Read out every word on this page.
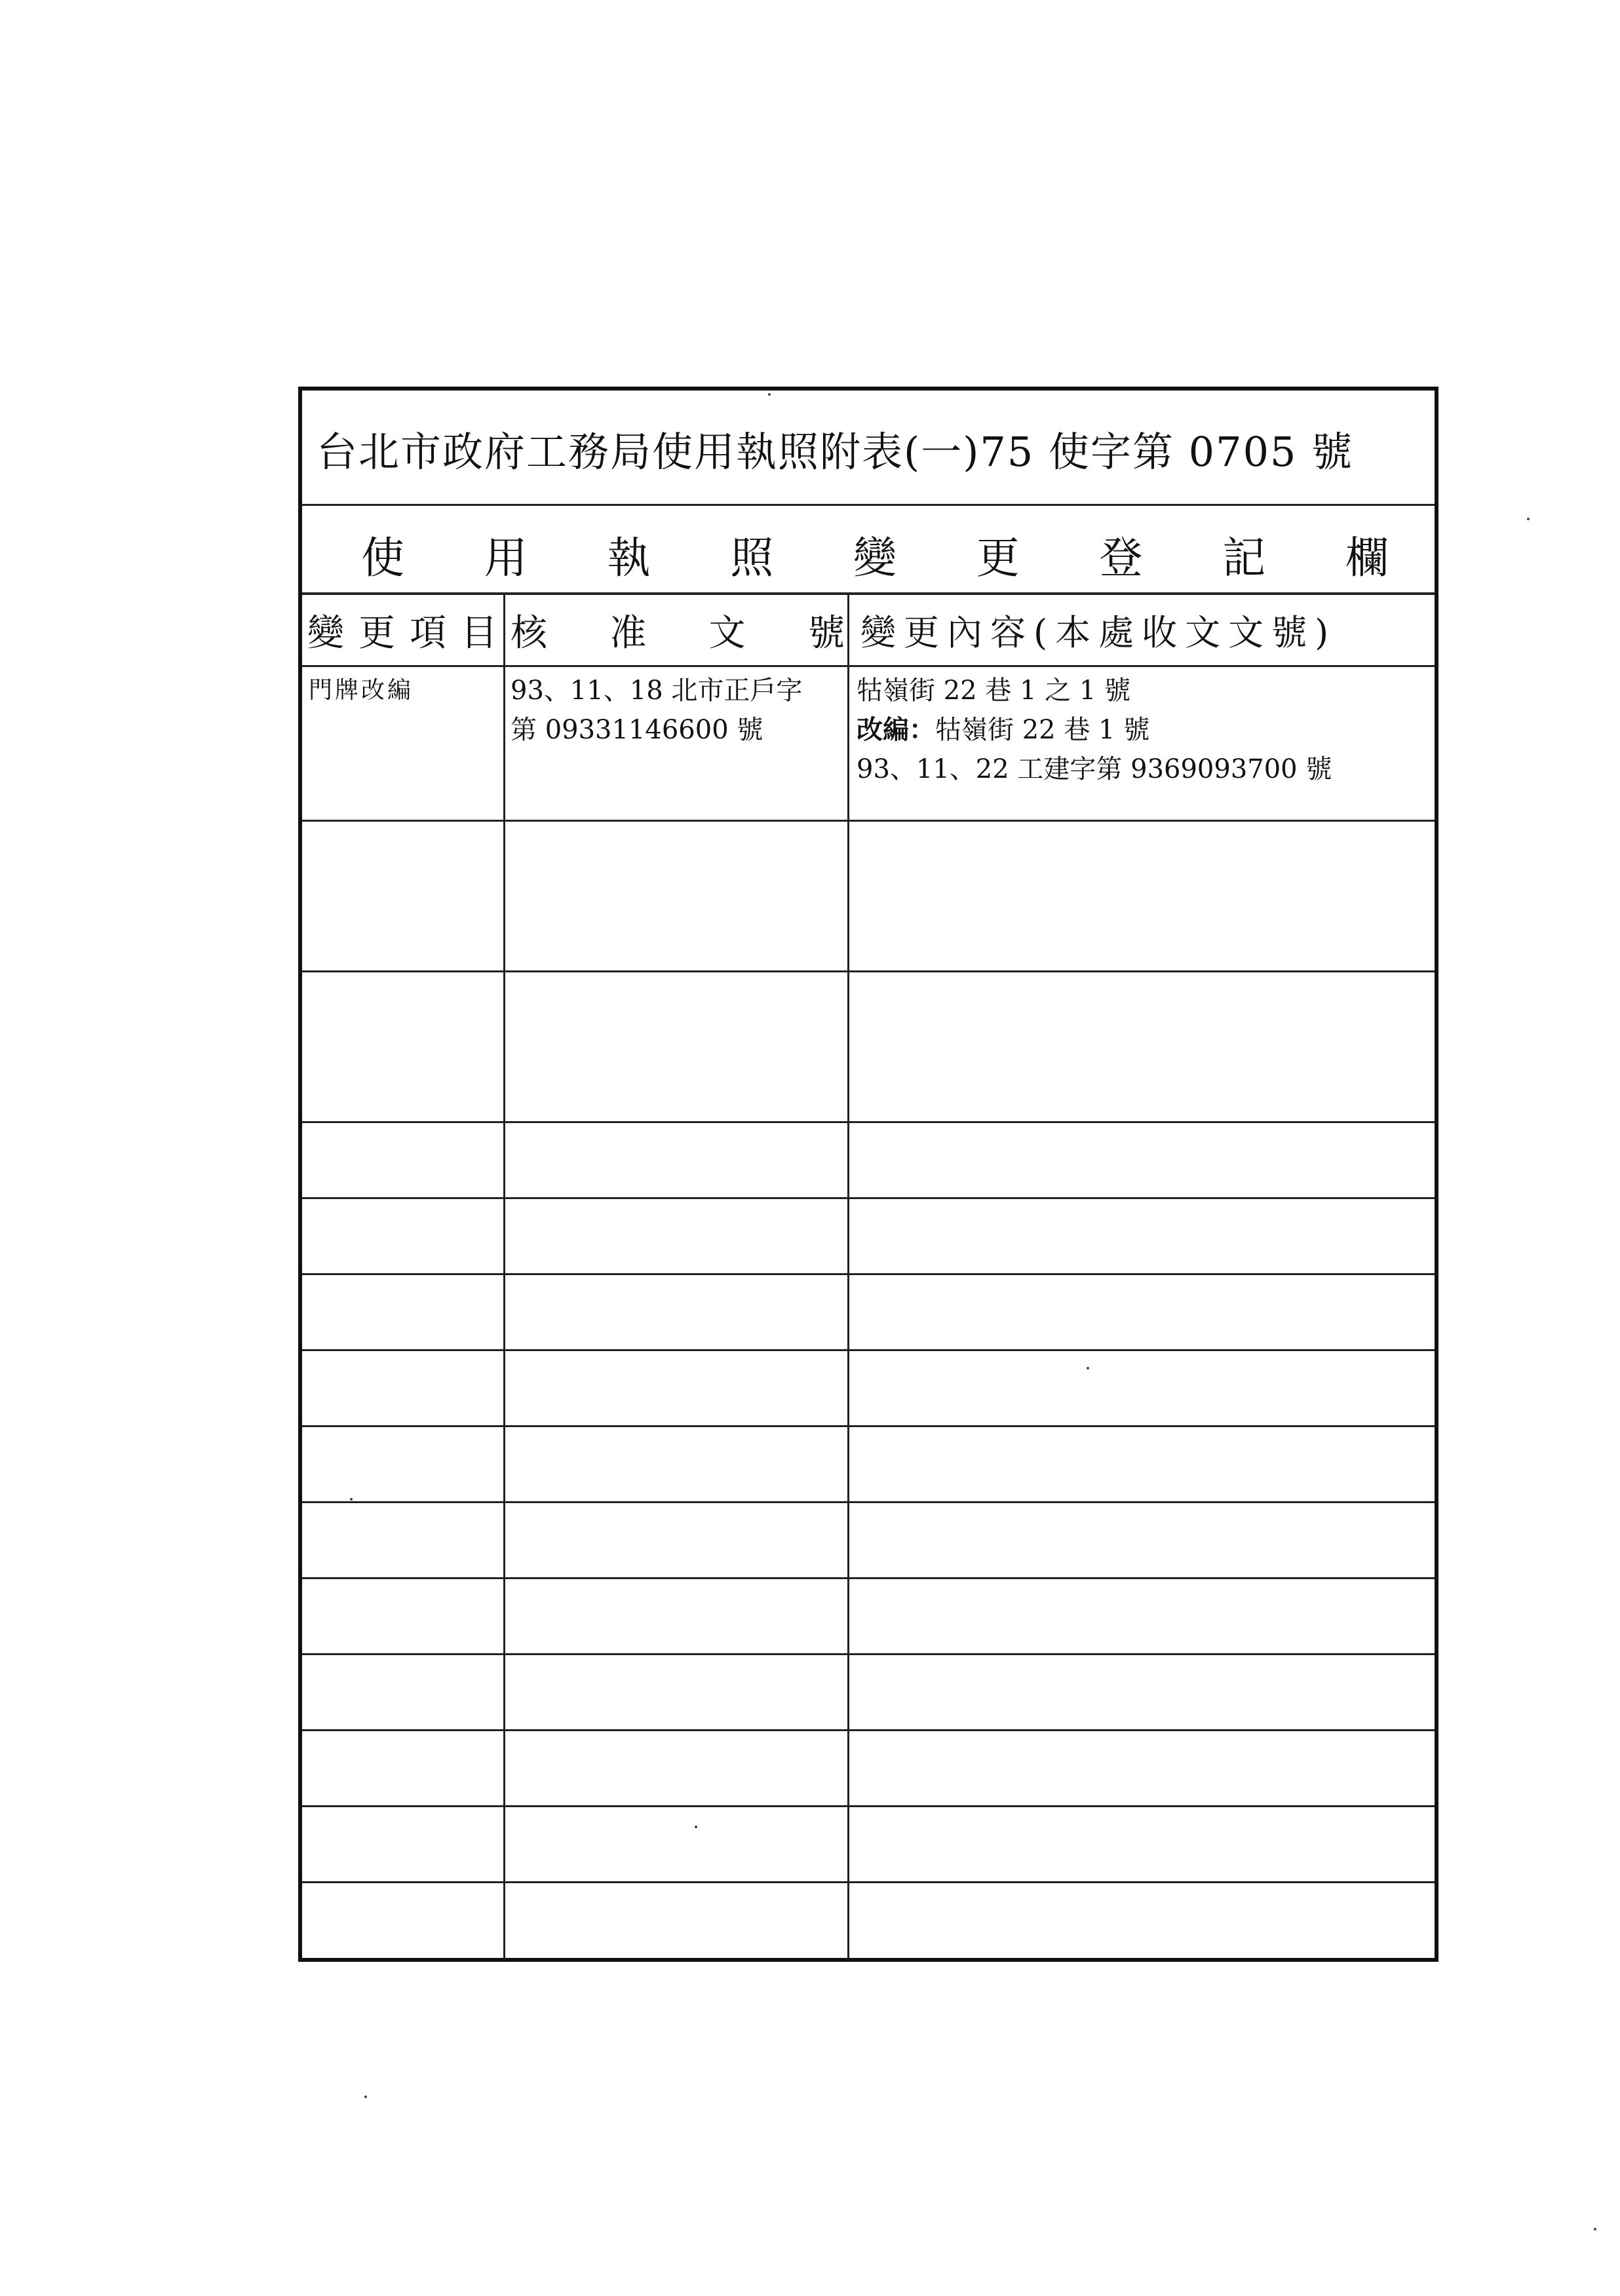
台北市政府工務局使用執照附表(一)75 使字第 0705 號
使 用 執 照 變 更 登 記 欄
變更項目
核 准 文 號 變更內容(本處收文文號)
門牌改編	93、11、18 北市正戶字
第 09331146600 號
牯嶺街 22 巷 1 之 1 號
改編：牯嶺街 22 巷 1 號
93、11、22 工建字第 9369093700 號
